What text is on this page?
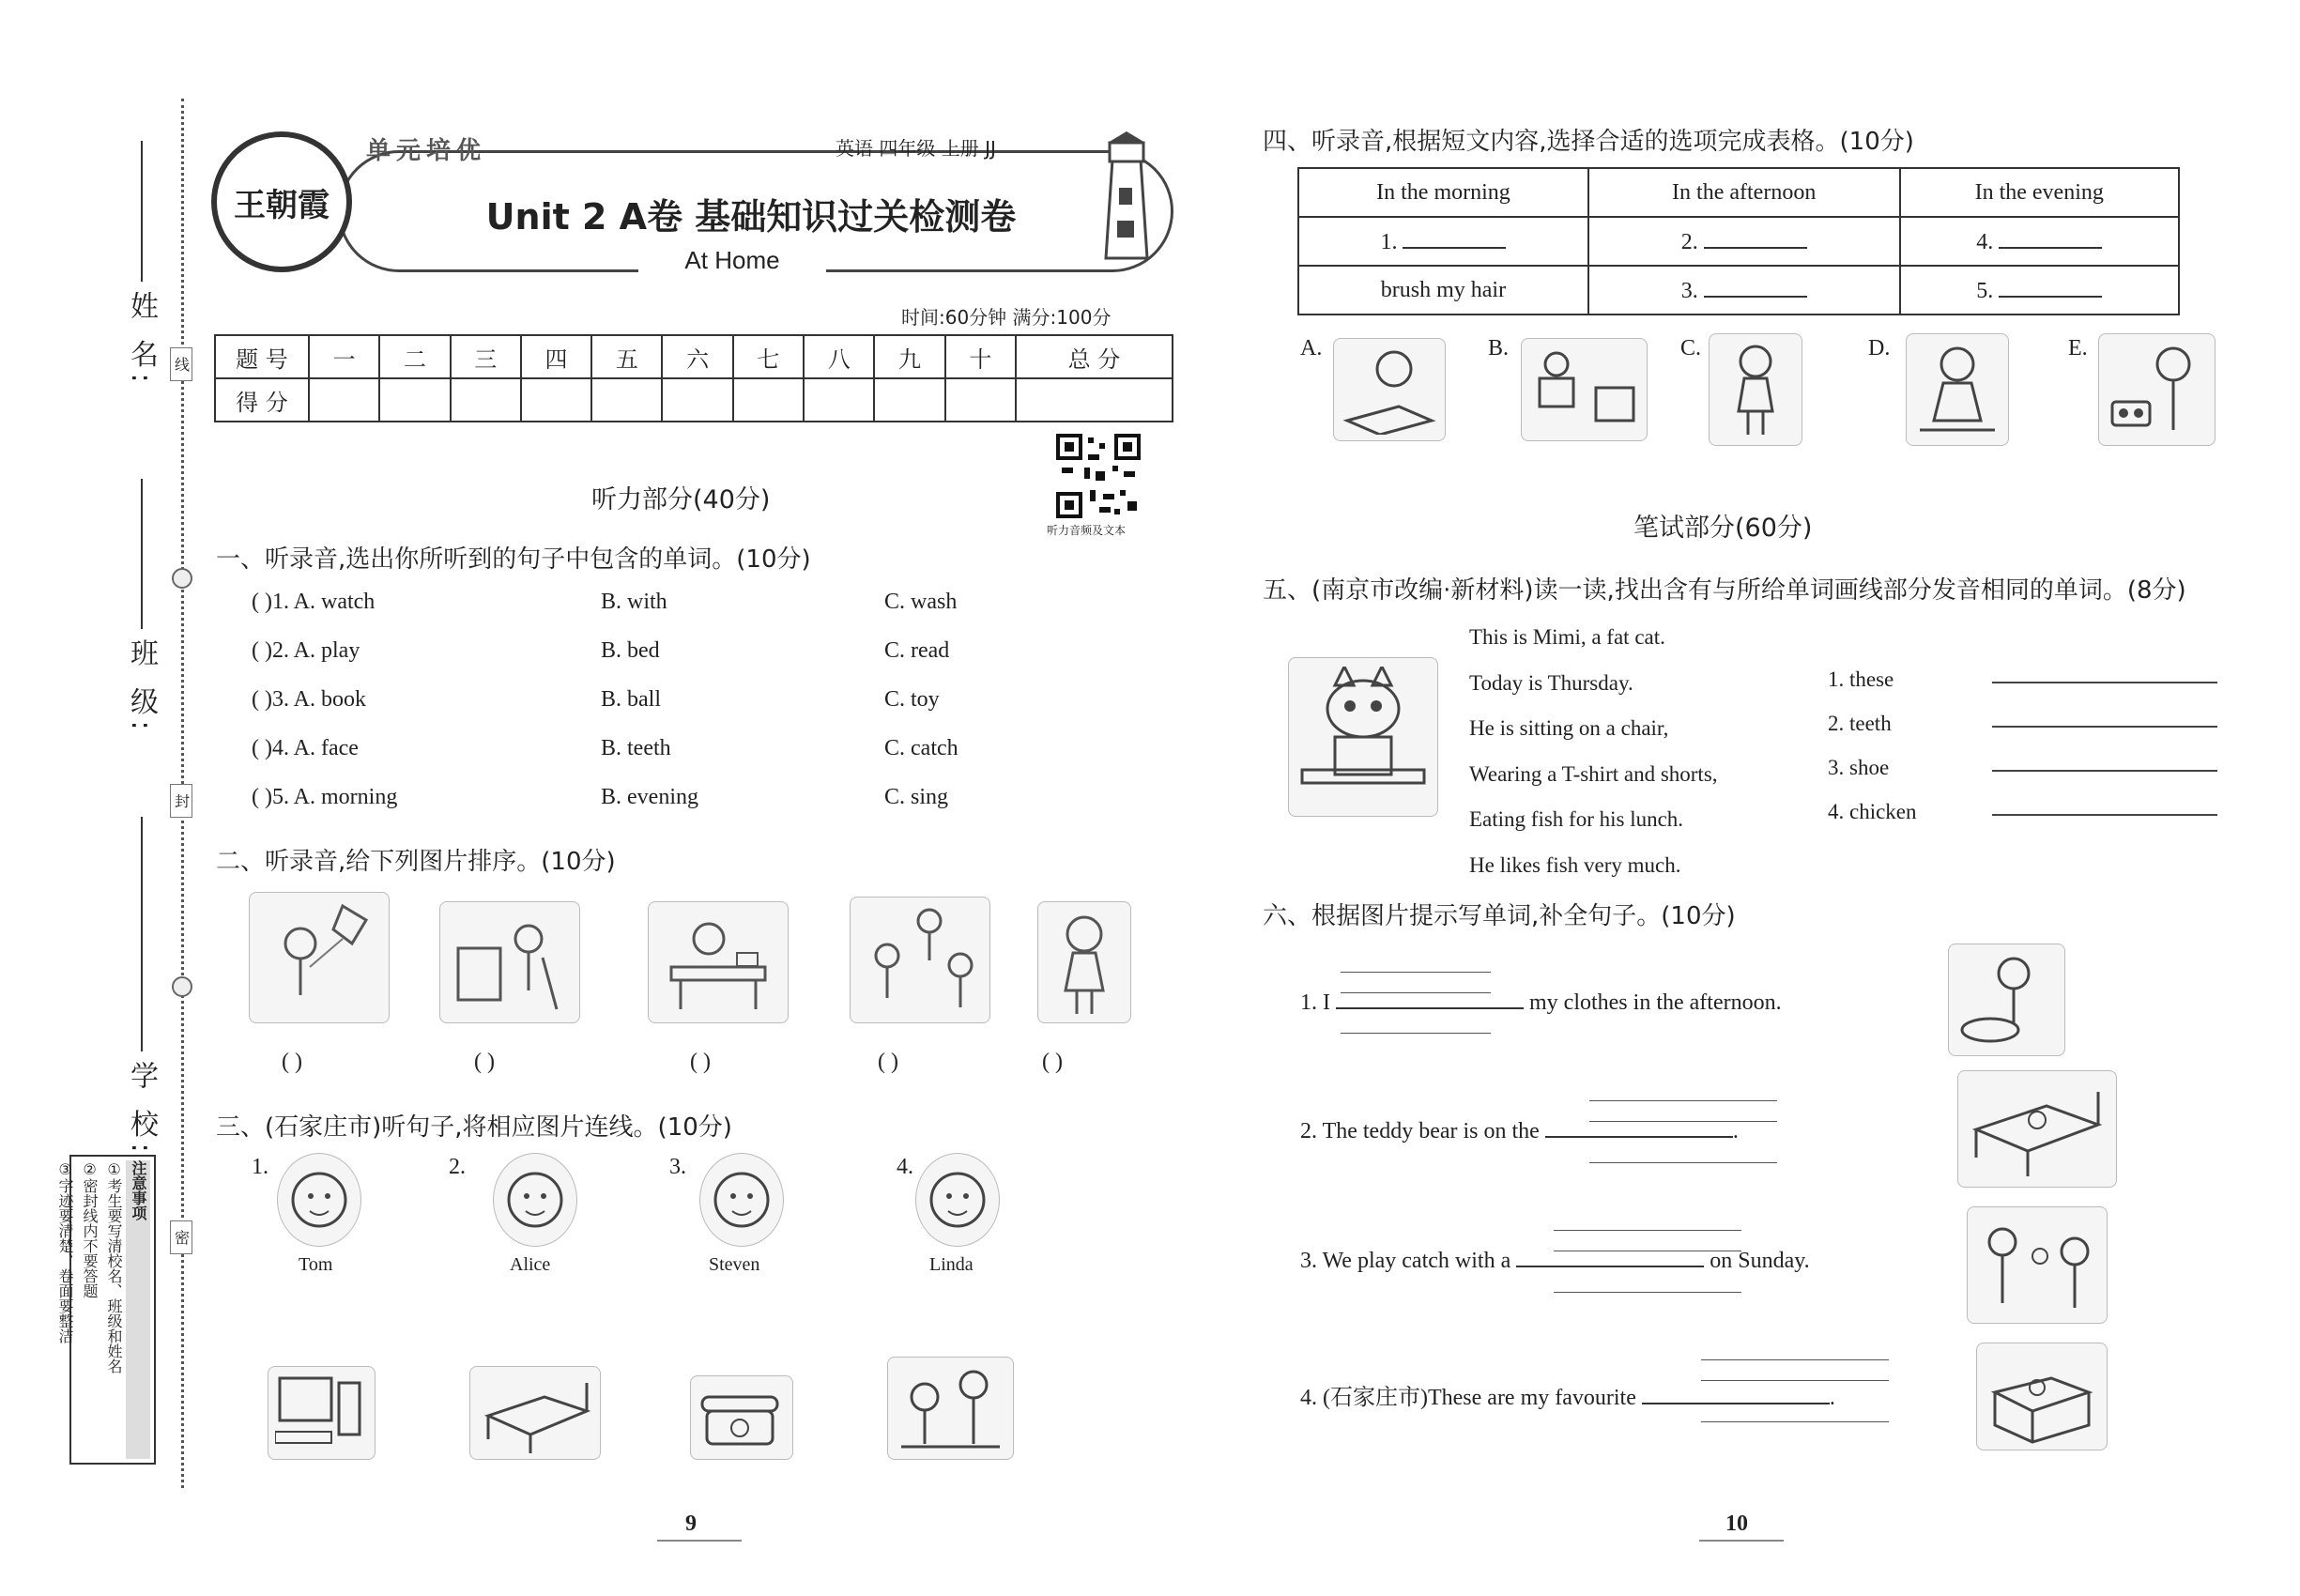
姓 名:
班 级:
学 校:
线
封
密
注意事项
①考生要写清校名、班级和姓名
②密封线内不要答题
③字迹要清楚、卷面要整洁
单元培优	英语 四年级 上册 JJ
王朝霞	Unit 2 A卷 基础知识过关检测卷
At Home
时间:60分钟 满分:100分
题 号	一	二	三	四	五	六	七	八	九	十	总 分
得 分											
听力音频及文本
听力部分(40分)
一、听录音,选出你所听到的句子中包含的单词。(10分)
( )1. A. watch	B. with	C. wash
( )2. A. play	B. bed	C. read
( )3. A. book	B. ball	C. toy
( )4. A. face	B. teeth	C. catch
( )5. A. morning	B. evening	C. sing
二、听录音,给下列图片排序。(10分)
( )	( )	( )	( )	( )
三、(石家庄市)听句子,将相应图片连线。(10分)
1.
Tom
2.
Alice
3.
Steven
4.
Linda
9
四、听录音,根据短文内容,选择合适的选项完成表格。(10分)
In the morning	In the afternoon	In the evening
1.	2.	4.
brush my hair	3.	5.
A.	B.	C.	D.	E.
笔试部分(60分)
五、(南京市改编·新材料)读一读,找出含有与所给单词画线部分发音相同的单词。(8分)
This is Mimi, a fat cat.
Today is Thursday.
He is sitting on a chair,
Wearing a T-shirt and shorts,
Eating fish for his lunch.
He likes fish very much.
1. these
2. teeth
3. shoe
4. chicken
六、根据图片提示写单词,补全句子。(10分)
1. I	my clothes in the afternoon.
2. The teddy bear is on the	.
3. We play catch with a	on Sunday.
4. (石家庄市)These are my favourite	.
10
